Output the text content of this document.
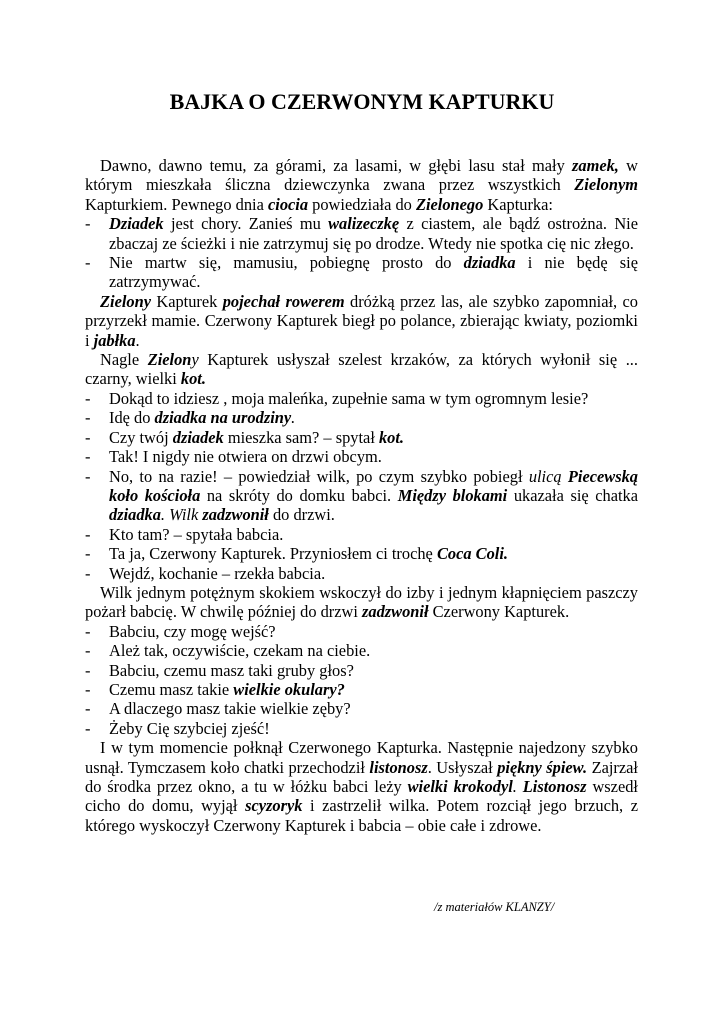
BAJKA O CZERWONYM KAPTURKU

Dawno, dawno temu, za górami, za lasami, w głębi lasu stał mały zamek, w którym mieszkała śliczna dziewczynka zwana przez wszystkich Zielonym Kapturkiem. Pewnego dnia ciocia powiedziała do Zielonego Kapturka:

- Dziadek jest chory. Zanieś mu walizeczkę z ciastem, ale bądź ostrożna. Nie zbaczaj ze ścieżki i nie zatrzymuj się po drodze. Wtedy nie spotka cię nic złego.

- Nie martw się, mamusiu, pobiegnę prosto do dziadka i nie będę się zatrzymywać.

Zielony Kapturek pojechał rowerem dróżką przez las, ale szybko zapomniał, co przyrzekł mamie. Czerwony Kapturek biegł po polance, zbierając kwiaty, poziomki i jabłka.

Nagle Zielony Kapturek usłyszał szelest krzaków, za których wyłonił się ... czarny, wielki kot.

- Dokąd to idziesz , moja maleńka, zupełnie sama w tym ogromnym lesie?

- Idę do dziadka na urodziny.

- Czy twój dziadek mieszka sam? – spytał kot.

- Tak! I nigdy nie otwiera on drzwi obcym.

- No, to na razie! – powiedział wilk, po czym szybko pobiegł ulicą Piecewską koło kościoła na skróty do domku babci. Między blokami ukazała się chatka dziadka. Wilk zadzwonił do drzwi.

- Kto tam? – spytała babcia.

- Ta ja, Czerwony Kapturek. Przyniosłem ci trochę Coca Coli.

- Wejdź, kochanie – rzekła babcia.

Wilk jednym potężnym skokiem wskoczył do izby i jednym kłapnięciem paszczy pożarł babcię. W chwilę później do drzwi zadzwonił Czerwony Kapturek.

- Babciu, czy mogę wejść?

- Ależ tak, oczywiście, czekam na ciebie.

- Babciu, czemu masz taki gruby głos?

- Czemu masz takie wielkie okulary?

- A dlaczego masz takie wielkie zęby?

- Żeby Cię szybciej zjeść!

I w tym momencie połknął Czerwonego Kapturka. Następnie najedzony szybko usnął. Tymczasem koło chatki przechodził listonosz. Usłyszał piękny śpiew. Zajrzał do środka przez okno, a tu w łóżku babci leży wielki krokodyl. Listonosz wszedł cicho do domu, wyjął scyzoryk i zastrzelił wilka. Potem rozciął jego brzuch, z którego wyskoczył Czerwony Kapturek i babcia – obie całe i zdrowe.

/z materiałów KLANZY/
